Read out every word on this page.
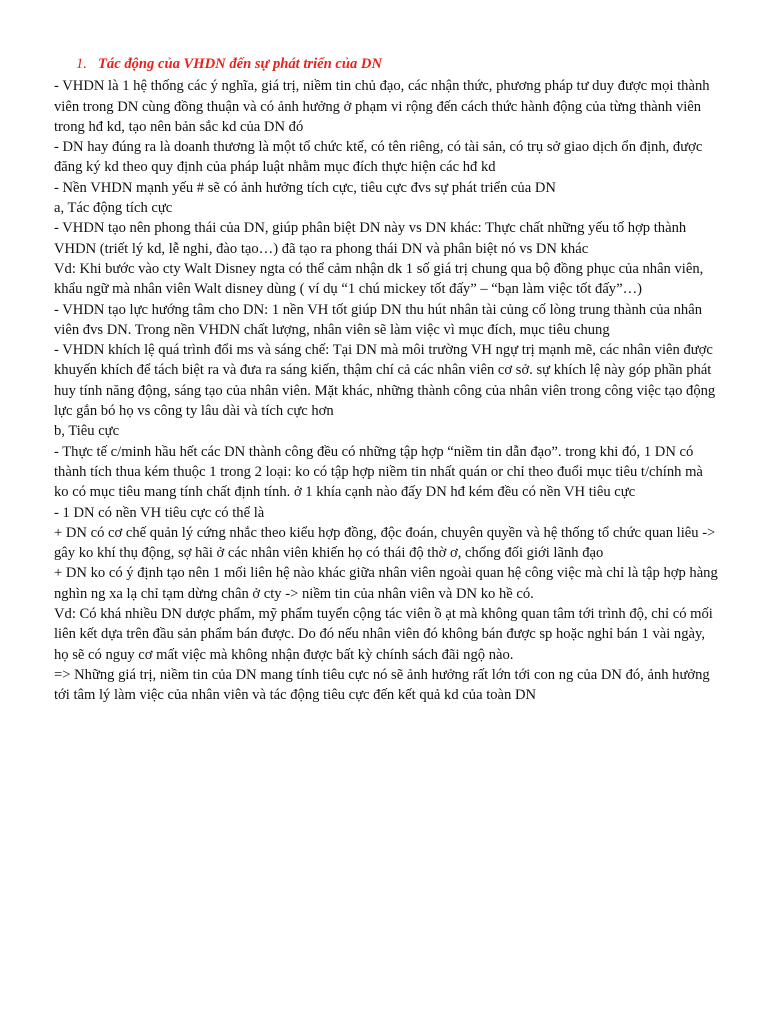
1. Tác động của VHDN đến sự phát triển của DN

- VHDN là 1 hệ thống các ý nghĩa, giá trị, niềm tin chủ đạo, các nhận thức, phương pháp tư duy được mọi thành viên trong DN cùng đồng thuận và có ảnh hưởng ở phạm vi rộng đến cách thức hành động của từng thành viên trong hđ kd, tạo nên bản sắc kd của DN đó

- DN hay đúng ra là doanh thương là một tổ chức ktế, có tên riêng, có tài sản, có trụ sở giao dịch ổn định, được đăng ký kd theo quy định của pháp luật nhằm mục đích thực hiện các hđ kd

- Nền VHDN mạnh yếu # sẽ có ảnh hưởng tích cực, tiêu cực đvs sự phát triển của DN

a, Tác động tích cực

- VHDN tạo nên phong thái của DN, giúp phân biệt DN này vs DN khác: Thực chất những yếu tố hợp thành VHDN (triết lý kd, lễ nghi, đào tạo…) đã tạo ra phong thái DN và phân biệt nó vs DN khác

Vd: Khi bước vào cty Walt Disney ngta có thể cảm nhận dk 1 số giá trị chung qua bộ đồng phục của nhân viên, khẩu ngữ mà nhân viên Walt disney dùng ( ví dụ “1 chú mickey tốt đấy” – “bạn làm việc tốt đấy”…)

- VHDN tạo lực hướng tâm cho DN: 1 nền VH tốt giúp DN thu hút nhân tài củng cố lòng trung thành của nhân viên đvs DN. Trong nền VHDN chất lượng, nhân viên sẽ làm việc vì mục đích, mục tiêu chung

- VHDN khích lệ quá trình đổi ms và sáng chế: Tại DN mà môi trường VH ngự trị mạnh mẽ, các nhân viên được khuyến khích để tách biệt ra và đưa ra sáng kiến, thậm chí cả các nhân viên cơ sở. sự khích lệ này góp phần phát huy tính năng động, sáng tạo của nhân viên. Mặt khác, những thành công của nhân viên trong công việc tạo động lực gắn bó họ vs công ty lâu dài và tích cực hơn

b, Tiêu cực

- Thực tế c/minh hầu hết các DN thành công đều có những tập hợp “niềm tin dẫn đạo”. trong khi đó, 1 DN có thành tích thua kém thuộc 1 trong 2 loại: ko có tập hợp niềm tin nhất quán or chỉ theo đuổi mục tiêu t/chính mà ko có mục tiêu mang tính chất định tính. ở 1 khía cạnh nào đấy DN hđ kém đều có nền VH tiêu cực

- 1 DN có nền VH tiêu cực có thể là

+ DN có cơ chế quản lý cứng nhắc theo kiểu hợp đồng, độc đoán, chuyên quyền và hệ thống tổ chức quan liêu -> gây ko khí thụ động, sợ hãi ở các nhân viên khiến họ có thái độ thờ ơ, chống đối giới lãnh đạo

+ DN ko có ý định tạo nên 1 mối liên hệ nào khác giữa nhân viên ngoài quan hệ công việc mà chỉ là tập hợp hàng nghìn ng xa lạ chỉ tạm dừng chân ở cty -> niềm tin của nhân viên và DN ko hề có.

Vd: Có khá nhiều DN dược phẩm, mỹ phẩm tuyển cộng tác viên ồ ạt mà không quan tâm tới trình độ, chỉ có mối liên kết dựa trên đầu sản phẩm bán được. Do đó nếu nhân viên đó không bán được sp hoặc nghỉ bán 1 vài ngày, họ sẽ có nguy cơ mất việc mà không nhận được bất kỳ chính sách đãi ngộ nào.

=> Những giá trị, niềm tin của DN mang tính tiêu cực nó sẽ ảnh hưởng rất lớn tới con ng của DN đó, ảnh hưởng tới tâm lý làm việc của nhân viên và tác động tiêu cực đến kết quả kd của toàn DN
